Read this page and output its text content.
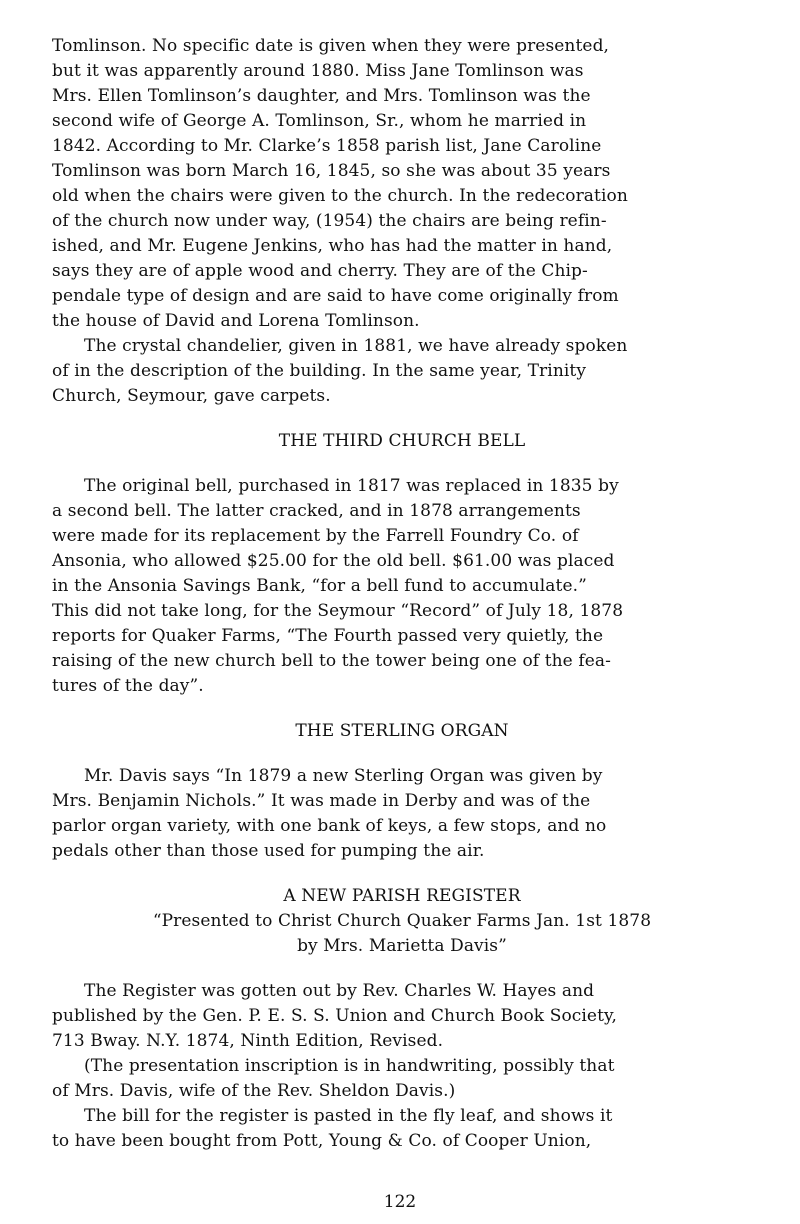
Tomlinson. No specific date is given when they were presented,
but it was apparently around 1880. Miss Jane Tomlinson was
Mrs. Ellen Tomlinson’s daughter, and Mrs. Tomlinson was the
second wife of George A. Tomlinson, Sr., whom he married in
1842. According to Mr. Clarke’s 1858 parish list, Jane Caroline
Tomlinson was born March 16, 1845, so she was about 35 years
old when the chairs were given to the church. In the redecoration
of the church now under way, (1954) the chairs are being refin-
ished, and Mr. Eugene Jenkins, who has had the matter in hand,
says they are of apple wood and cherry. They are of the Chip-
pendale type of design and are said to have come originally from
the house of David and Lorena Tomlinson.
The crystal chandelier, given in 1881, we have already spoken
of in the description of the building. In the same year, Trinity
Church, Seymour, gave carpets.
THE THIRD CHURCH BELL
The original bell, purchased in 1817 was replaced in 1835 by
a second bell. The latter cracked, and in 1878 arrangements
were made for its replacement by the Farrell Foundry Co. of
Ansonia, who allowed $25.00 for the old bell. $61.00 was placed
in the Ansonia Savings Bank, “for a bell fund to accumulate.”
This did not take long, for the Seymour “Record” of July 18, 1878
reports for Quaker Farms, “The Fourth passed very quietly, the
raising of the new church bell to the tower being one of the fea-
tures of the day”.
THE STERLING ORGAN
Mr. Davis says “In 1879 a new Sterling Organ was given by
Mrs. Benjamin Nichols.” It was made in Derby and was of the
parlor organ variety, with one bank of keys, a few stops, and no
pedals other than those used for pumping the air.
A NEW PARISH REGISTER
“Presented to Christ Church Quaker Farms Jan. 1st 1878
by Mrs. Marietta Davis”
The Register was gotten out by Rev. Charles W. Hayes and
published by the Gen. P. E. S. S. Union and Church Book Society,
713 Bway. N.Y. 1874, Ninth Edition, Revised.
(The presentation inscription is in handwriting, possibly that
of Mrs. Davis, wife of the Rev. Sheldon Davis.)
The bill for the register is pasted in the fly leaf, and shows it
to have been bought from Pott, Young & Co. of Cooper Union,
122
